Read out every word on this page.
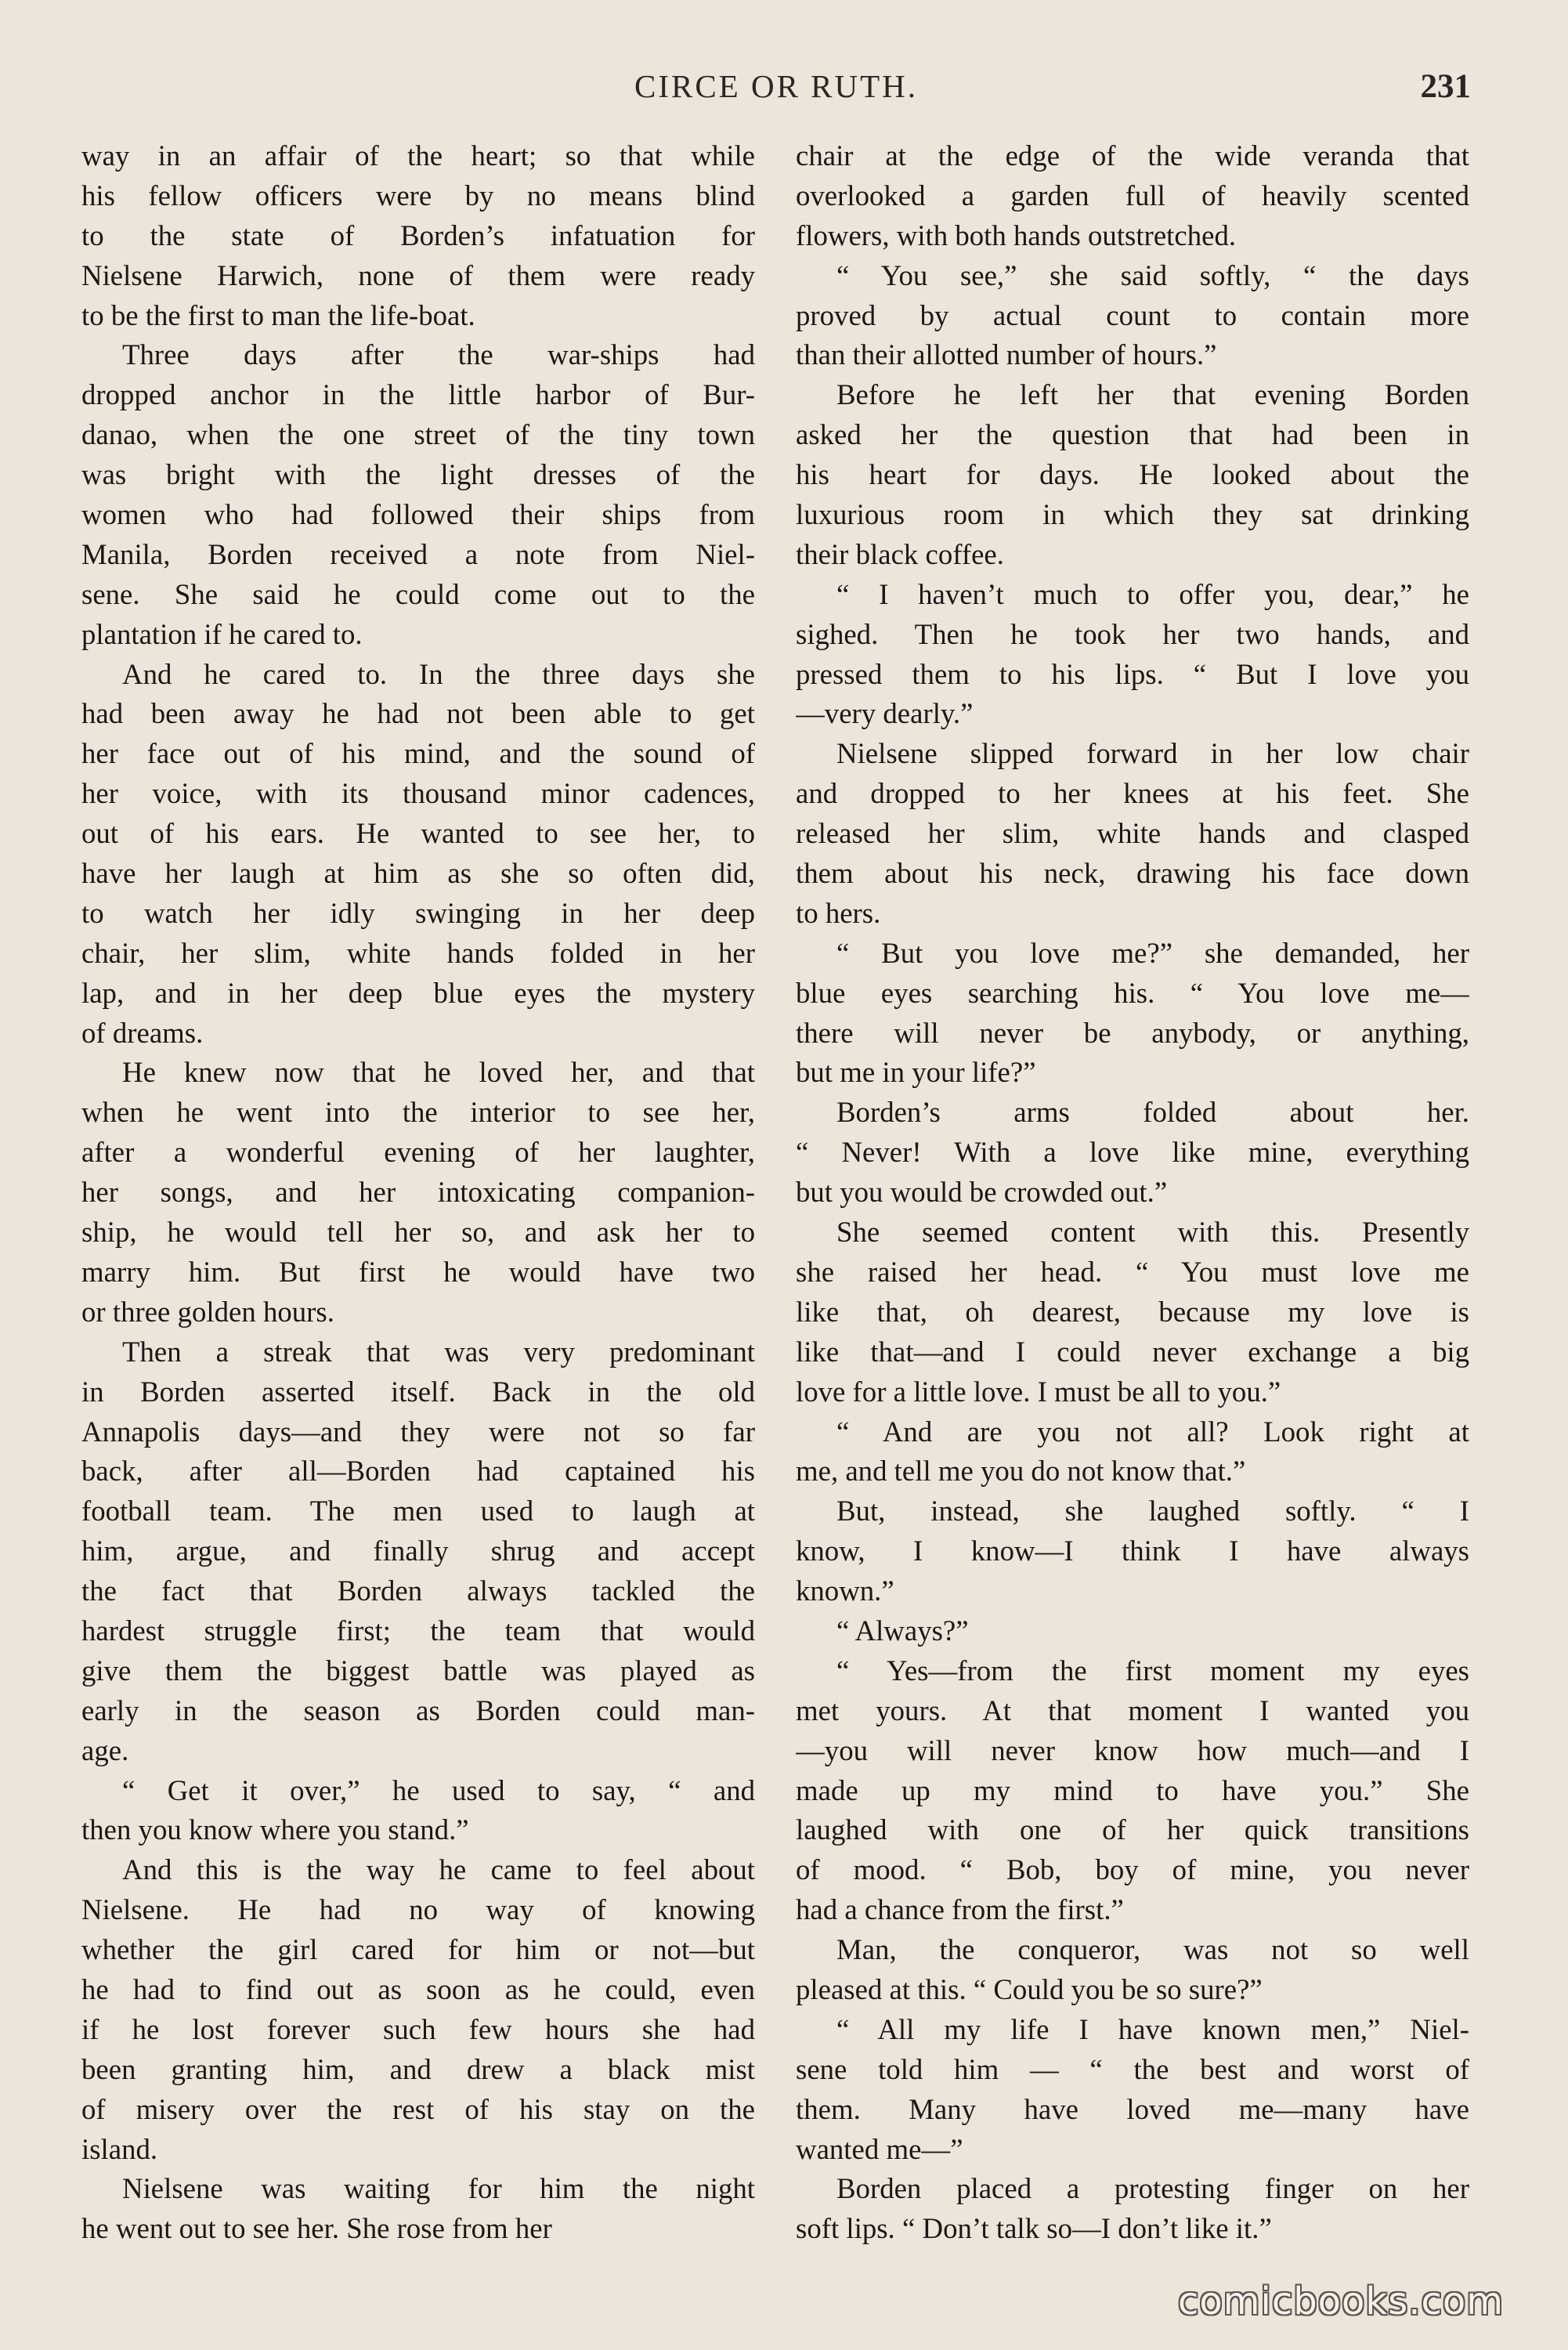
CIRCE OR RUTH.	231
way in an affair of the heart; so that while
his fellow officers were by no means blind
to the state of Borden’s infatuation for
Nielsene Harwich, none of them were ready
to be the first to man the life-boat.
Three days after the war-ships had
dropped anchor in the little harbor of Bur-
danao, when the one street of the tiny town
was bright with the light dresses of the
women who had followed their ships from
Manila, Borden received a note from Niel-
sene. She said he could come out to the
plantation if he cared to.
And he cared to. In the three days she
had been away he had not been able to get
her face out of his mind, and the sound of
her voice, with its thousand minor cadences,
out of his ears. He wanted to see her, to
have her laugh at him as she so often did,
to watch her idly swinging in her deep
chair, her slim, white hands folded in her
lap, and in her deep blue eyes the mystery
of dreams.
He knew now that he loved her, and that
when he went into the interior to see her,
after a wonderful evening of her laughter,
her songs, and her intoxicating companion-
ship, he would tell her so, and ask her to
marry him. But first he would have two
or three golden hours.
Then a streak that was very predominant
in Borden asserted itself. Back in the old
Annapolis days—and they were not so far
back, after all—Borden had captained his
football team. The men used to laugh at
him, argue, and finally shrug and accept
the fact that Borden always tackled the
hardest struggle first; the team that would
give them the biggest battle was played as
early in the season as Borden could man-
age.
“ Get it over,” he used to say, “ and
then you know where you stand.”
And this is the way he came to feel about
Nielsene. He had no way of knowing
whether the girl cared for him or not—but
he had to find out as soon as he could, even
if he lost forever such few hours she had
been granting him, and drew a black mist
of misery over the rest of his stay on the
island.
Nielsene was waiting for him the night
he went out to see her. She rose from her
chair at the edge of the wide veranda that
overlooked a garden full of heavily scented
flowers, with both hands outstretched.
“ You see,” she said softly, “ the days
proved by actual count to contain more
than their allotted number of hours.”
Before he left her that evening Borden
asked her the question that had been in
his heart for days. He looked about the
luxurious room in which they sat drinking
their black coffee.
“ I haven’t much to offer you, dear,” he
sighed. Then he took her two hands, and
pressed them to his lips. “ But I love you
—very dearly.”
Nielsene slipped forward in her low chair
and dropped to her knees at his feet. She
released her slim, white hands and clasped
them about his neck, drawing his face down
to hers.
“ But you love me?” she demanded, her
blue eyes searching his. “ You love me—
there will never be anybody, or anything,
but me in your life?”
Borden’s arms folded about her.
“ Never! With a love like mine, everything
but you would be crowded out.”
She seemed content with this. Presently
she raised her head. “ You must love me
like that, oh dearest, because my love is
like that—and I could never exchange a big
love for a little love. I must be all to you.”
“ And are you not all? Look right at
me, and tell me you do not know that.”
But, instead, she laughed softly. “ I
know, I know—I think I have always
known.”
“ Always?”
“ Yes—from the first moment my eyes
met yours. At that moment I wanted you
—you will never know how much—and I
made up my mind to have you.” She
laughed with one of her quick transitions
of mood. “ Bob, boy of mine, you never
had a chance from the first.”
Man, the conqueror, was not so well
pleased at this. “ Could you be so sure?”
“ All my life I have known men,” Niel-
sene told him — “ the best and worst of
them. Many have loved me—many have
wanted me—”
Borden placed a protesting finger on her
soft lips. “ Don’t talk so—I don’t like it.”
comicbooks.com
